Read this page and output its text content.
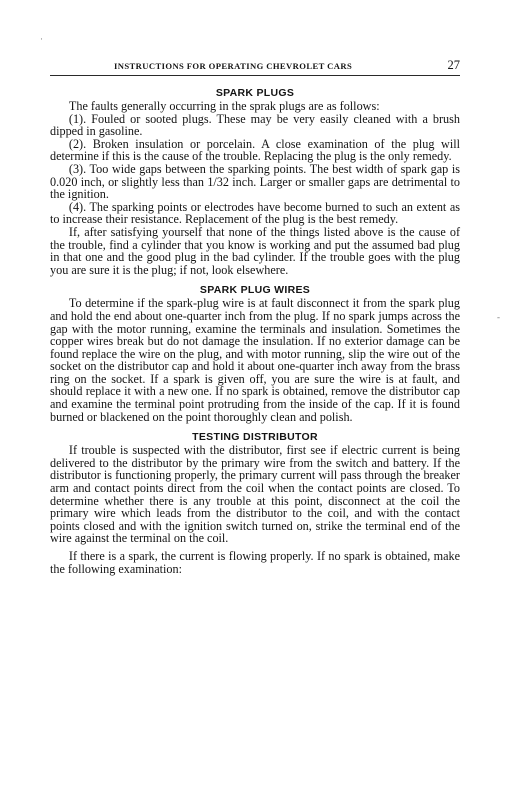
·
-
INSTRUCTIONS FOR OPERATING CHEVROLET CARS	27
SPARK PLUGS

The faults generally occurring in the sprak plugs are as follows:

(1). Fouled or sooted plugs. These may be very easily cleaned with a brush dipped in gasoline.

(2). Broken insulation or porcelain. A close examination of the plug will determine if this is the cause of the trouble. Replacing the plug is the only remedy.

(3). Too wide gaps between the sparking points. The best width of spark gap is 0.020 inch, or slightly less than 1/32 inch. Larger or smaller gaps are detrimental to the ignition.

(4). The sparking points or electrodes have become burned to such an extent as to increase their resistance. Replacement of the plug is the best remedy.

If, after satisfying yourself that none of the things listed above is the cause of the trouble, find a cylinder that you know is working and put the assumed bad plug in that one and the good plug in the bad cylinder. If the trouble goes with the plug you are sure it is the plug; if not, look elsewhere.

SPARK PLUG WIRES

To determine if the spark-plug wire is at fault disconnect it from the spark plug and hold the end about one-quarter inch from the plug. If no spark jumps across the gap with the motor running, examine the terminals and insulation. Sometimes the copper wires break but do not damage the insulation. If no exterior damage can be found replace the wire on the plug, and with motor running, slip the wire out of the socket on the distributor cap and hold it about one-quarter inch away from the brass ring on the socket. If a spark is given off, you are sure the wire is at fault, and should replace it with a new one. If no spark is obtained, remove the distributor cap and examine the terminal point protruding from the inside of the cap. If it is found burned or blackened on the point thoroughly clean and polish.

TESTING DISTRIBUTOR

If trouble is suspected with the distributor, first see if electric current is being delivered to the distributor by the primary wire from the switch and battery. If the distributor is functioning properly, the primary current will pass through the breaker arm and contact points direct from the coil when the contact points are closed. To determine whether there is any trouble at this point, disconnect at the coil the primary wire which leads from the distributor to the coil, and with the contact points closed and with the ignition switch turned on, strike the terminal end of the wire against the terminal on the coil.

If there is a spark, the current is flowing properly. If no spark is obtained, make the following examination:
